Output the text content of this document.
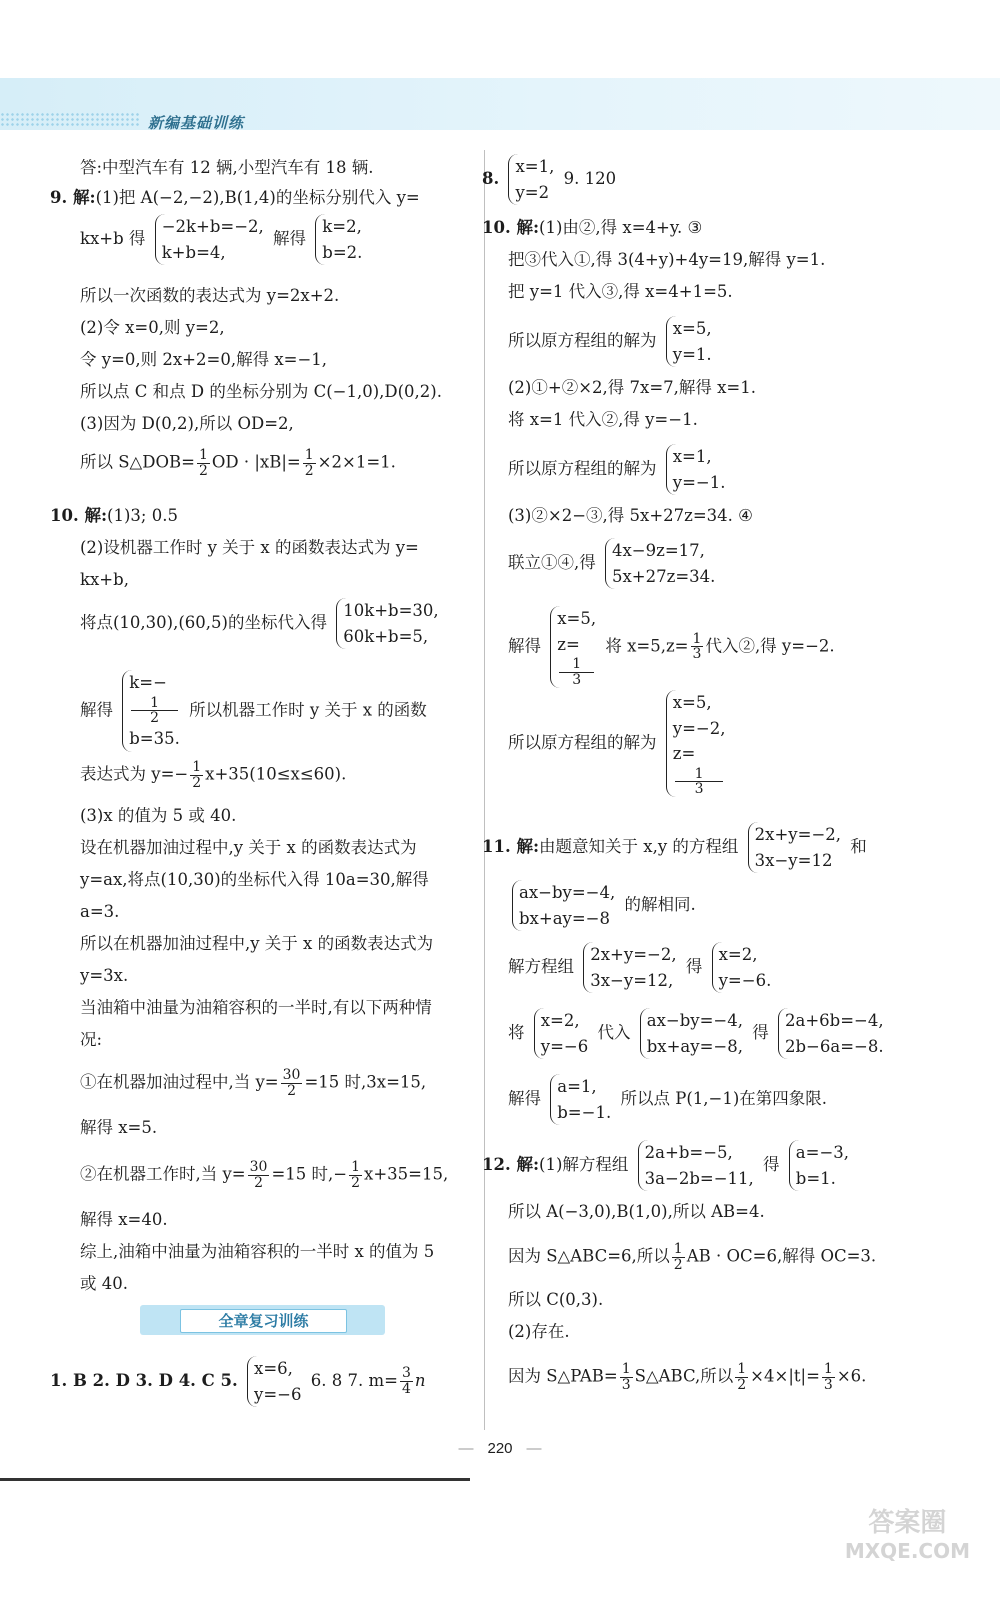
新编基础训练
答:中型汽车有 12 辆,小型汽车有 18 辆.
9. 解:(1)把 A(−2,−2),B(1,4)的坐标分别代入 y=
kx+b 得
−2k+b=−2,
k+b=4,
解得
k=2,
b=2.
所以一次函数的表达式为 y=2x+2.
(2)令 x=0,则 y=2,
令 y=0,则 2x+2=0,解得 x=−1,
所以点 C 和点 D 的坐标分别为 C(−1,0),D(0,2).
(3)因为 D(0,2),所以 OD=2,
所以 S△DOB= $\frac{1}{2}$ OD · $|xB|= \frac{1}{2} \times 2\times 1=1$.
10. 解:(1)3; 0.5
(2)设机器工作时 y 关于 x 的函数表达式为 y=
kx+b,
将点(10,30),(60,5)的坐标代入得
10k+b=30,
60k+b=5,
解得
k=−
1
2
b=35.
所以机器工作时 y 关于 x 的函数
表达式为 $y=- \frac{1}{2} x+35(10\le x\le 60)$.
(3)x 的值为 5 或 40.
设在机器加油过程中,y 关于 x 的函数表达式为
y=ax,将点(10,30)的坐标代入得 10a=30,解得
a=3.
所以在机器加油过程中,y 关于 x 的函数表达式为
y=3x.
当油箱中油量为油箱容积的一半时,有以下两种情
况:
①在机器加油过程中,当 $y= \frac{30}{2} =15$ 时,3x=15,
解得 x=5.
②在机器工作时,当 $y= \frac{30}{2} =15$ 时,− $\frac{1}{2} x+35=15$,
解得 x=40.
综上,油箱中油量为油箱容积的一半时 x 的值为 5
或 40.
1. B 2. D 3. D 4. C 5.
x=6,
y=−6
6. 8 7. $m= \frac{3}{4}$ n
全章复习训练
8.
x=1,
y=2
9. 120
10. 解:(1)由②,得 x=4+y. ③
把③代入①,得 3(4+y)+4y=19,解得 y=1.
把 y=1 代入③,得 x=4+1=5.
所以原方程组的解为
x=5,
y=1.
(2)①+②×2,得 7x=7,解得 x=1.
将 x=1 代入②,得 y=−1.
所以原方程组的解为
x=1,
y=−1.
(3)②×2−③,得 5x+27z=34. ④
联立①④,得
4x−9z=17,
5x+27z=34.
解得
x=5,
z=
1
3
将 $x=5,z= \frac{1}{3}$ 代入②,得 y=−2.
所以原方程组的解为
x=5,
y=−2,
z=
1
3
11. 解:由题意知关于 x,y 的方程组
2x+y=−2,
3x−y=12
和
ax−by=−4,
bx+ay=−8
的解相同.
解方程组
2x+y=−2,
3x−y=12,
得
x=2,
y=−6.
将
x=2,
y=−6
代入
ax−by=−4,
bx+ay=−8,
得
2a+6b=−4,
2b−6a=−8.
解得
a=1,
b=−1.
所以点 P(1,−1)在第四象限.
12. 解:(1)解方程组
2a+b=−5,
3a−2b=−11,
得
a=−3,
b=1.
所以 A(−3,0),B(1,0),所以 AB=4.
因为 S△ABC=6,所以 $\frac{1}{2}$ AB · OC=6,解得 OC=3.
所以 C(0,3).
(2)存在.
因为 S△PAB= $\frac{1}{3}$ S△ABC,所以 $\frac{1}{2} \times 4\times|t|= \frac{1}{3} \times 6$.
— 220 —
答案圈
MXQE.COM
